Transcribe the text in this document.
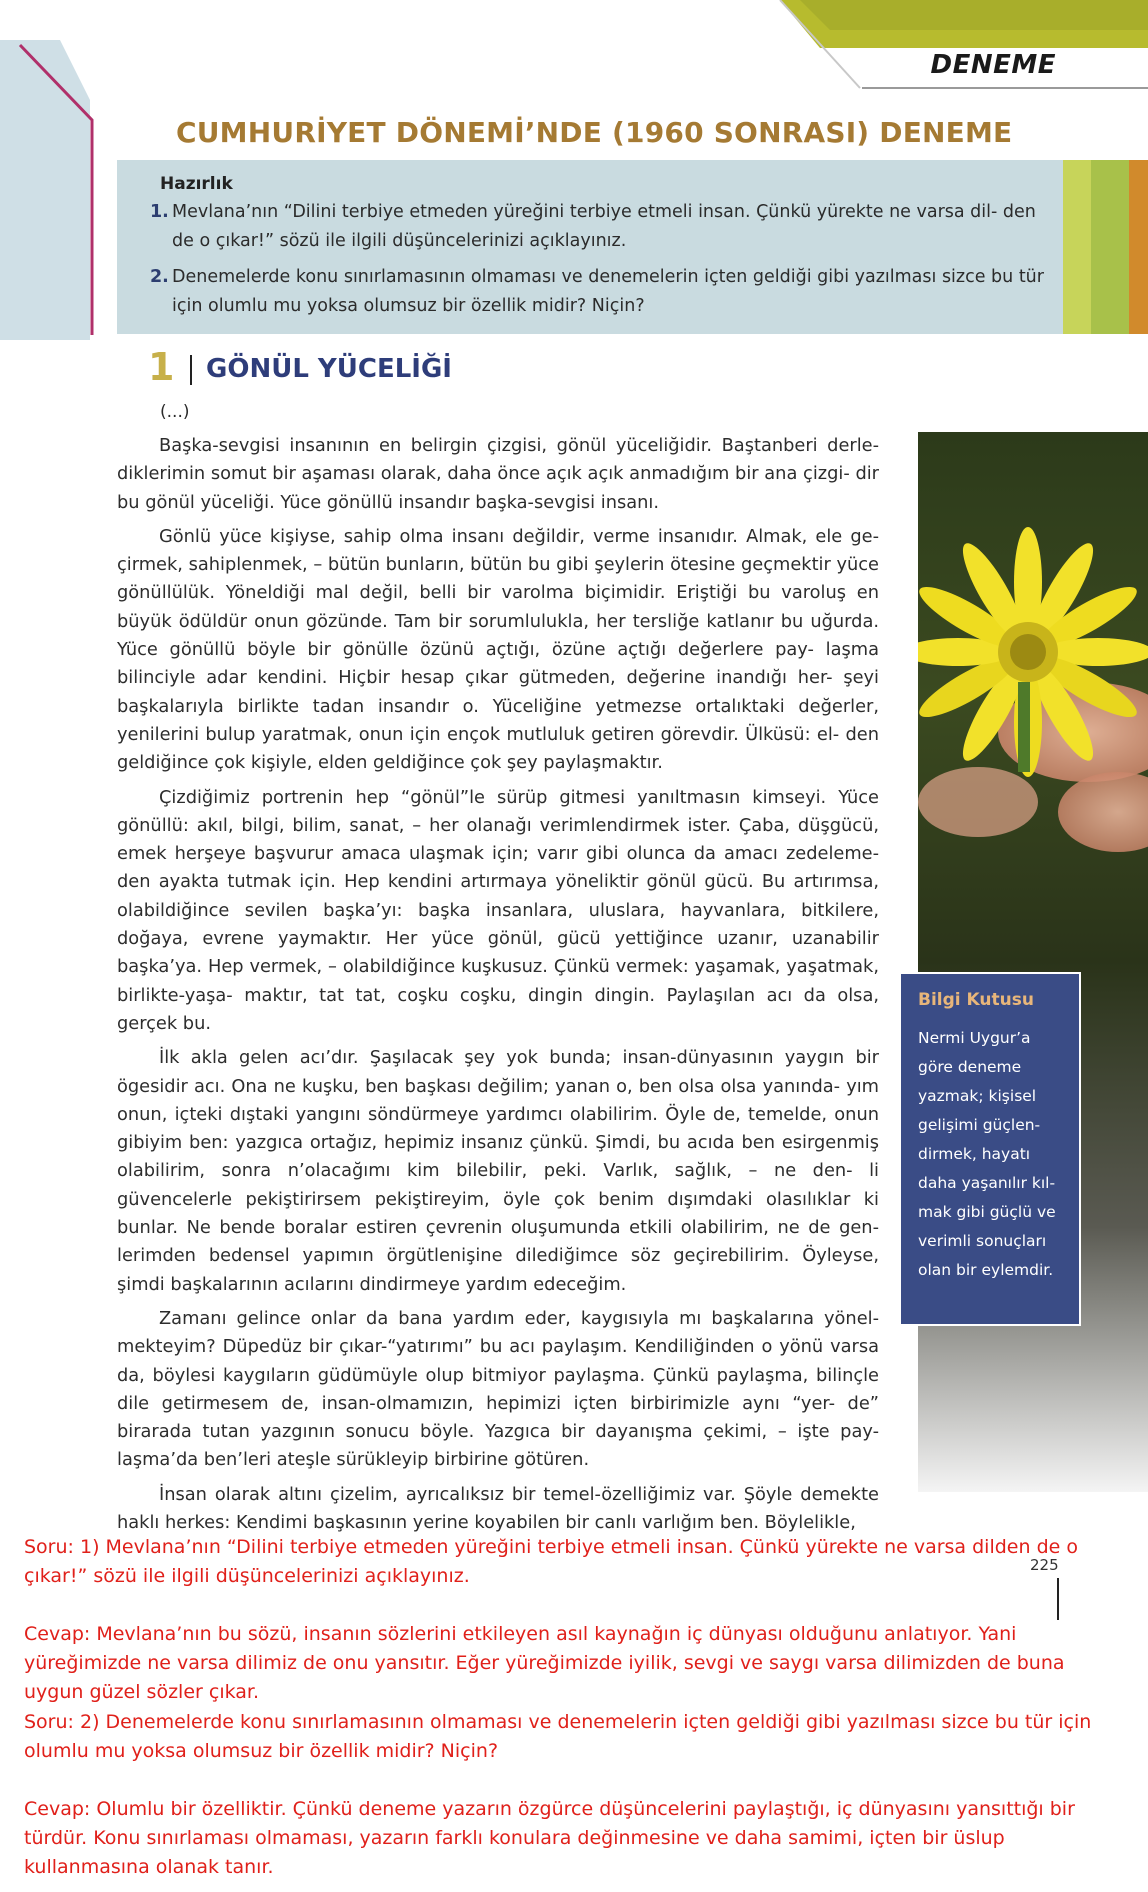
DENEME
CUMHURİYET DÖNEMİ’NDE (1960 SONRASI) DENEME
Hazırlık
1. Mevlana’nın “Dilini terbiye etmeden yüreğini terbiye etmeli insan. Çünkü yürekte ne varsa dil- den de o çıkar!” sözü ile ilgili düşüncelerinizi açıklayınız.
2. Denemelerde konu sınırlamasının olmaması ve denemelerin içten geldiği gibi yazılması sizce bu tür için olumlu mu yoksa olumsuz bir özellik midir? Niçin?
1 GÖNÜL YÜCELİĞİ
(...)

Başka-sevgisi insanının en belirgin çizgisi, gönül yüceliğidir. Baştanberi derle- diklerimin somut bir aşaması olarak, daha önce açık açık anmadığım bir ana çizgi- dir bu gönül yüceliği. Yüce gönüllü insandır başka-sevgisi insanı.

Gönlü yüce kişiyse, sahip olma insanı değildir, verme insanıdır. Almak, ele ge- çirmek, sahiplenmek, – bütün bunların, bütün bu gibi şeylerin ötesine geçmektir yüce gönüllülük. Yöneldiği mal değil, belli bir varolma biçimidir. Eriştiği bu varoluş en büyük ödüldür onun gözünde. Tam bir sorumlulukla, her tersliğe katlanır bu uğurda. Yüce gönüllü böyle bir gönülle özünü açtığı, özüne açtığı değerlere pay- laşma bilinciyle adar kendini. Hiçbir hesap çıkar gütmeden, değerine inandığı her- şeyi başkalarıyla birlikte tadan insandır o. Yüceliğine yetmezse ortalıktaki değerler, yenilerini bulup yaratmak, onun için ençok mutluluk getiren görevdir. Ülküsü: el- den geldiğince çok kişiyle, elden geldiğince çok şey paylaşmaktır.

Çizdiğimiz portrenin hep “gönül”le sürüp gitmesi yanıltmasın kimseyi. Yüce gönüllü: akıl, bilgi, bilim, sanat, – her olanağı verimlendirmek ister. Çaba, düşgücü, emek herşeye başvurur amaca ulaşmak için; varır gibi olunca da amacı zedeleme- den ayakta tutmak için. Hep kendini artırmaya yöneliktir gönül gücü. Bu artırımsa, olabildiğince sevilen başka’yı: başka insanlara, uluslara, hayvanlara, bitkilere, doğaya, evrene yaymaktır. Her yüce gönül, gücü yettiğince uzanır, uzanabilir başka’ya. Hep vermek, – olabildiğince kuşkusuz. Çünkü vermek: yaşamak, yaşatmak, birlikte-yaşa- maktır, tat tat, coşku coşku, dingin dingin. Paylaşılan acı da olsa, gerçek bu.

İlk akla gelen acı’dır. Şaşılacak şey yok bunda; insan-dünyasının yaygın bir ögesidir acı. Ona ne kuşku, ben başkası değilim; yanan o, ben olsa olsa yanında- yım onun, içteki dıştaki yangını söndürmeye yardımcı olabilirim. Öyle de, temelde, onun gibiyim ben: yazgıca ortağız, hepimiz insanız çünkü. Şimdi, bu acıda ben esirgenmiş olabilirim, sonra n’olacağımı kim bilebilir, peki. Varlık, sağlık, – ne den- li güvencelerle pekiştirirsem pekiştireyim, öyle çok benim dışımdaki olasılıklar ki bunlar. Ne bende boralar estiren çevrenin oluşumunda etkili olabilirim, ne de gen- lerimden bedensel yapımın örgütlenişine dilediğimce söz geçirebilirim. Öyleyse, şimdi başkalarının acılarını dindirmeye yardım edeceğim.

Zamanı gelince onlar da bana yardım eder, kaygısıyla mı başkalarına yönel- mekteyim? Düpedüz bir çıkar-“yatırımı” bu acı paylaşım. Kendiliğinden o yönü varsa da, böylesi kaygıların güdümüyle olup bitmiyor paylaşma. Çünkü paylaşma, bilinçle dile getirmesem de, insan-olmamızın, hepimizi içten birbirimizle aynı “yer- de” birarada tutan yazgının sonucu böyle. Yazgıca bir dayanışma çekimi, – işte pay- laşma’da ben’leri ateşle sürükleyip birbirine götüren.

İnsan olarak altını çizelim, ayrıcalıksız bir temel-özelliğimiz var. Şöyle demekte haklı herkes: Kendimi başkasının yerine koyabilen bir canlı varlığım ben. Böylelikle,

Bilgi Kutusu
Nermi Uygur’a göre deneme yazmak; kişisel gelişimi güçlen- dirmek, hayatı daha yaşanılır kıl- mak gibi güçlü ve verimli sonuçları olan bir eylemdir.
225
Soru: 1) Mevlana’nın “Dilini terbiye etmeden yüreğini terbiye etmeli insan. Çünkü yürekte ne varsa dilden de o çıkar!” sözü ile ilgili düşüncelerinizi açıklayınız.
Cevap: Mevlana’nın bu sözü, insanın sözlerini etkileyen asıl kaynağın iç dünyası olduğunu anlatıyor. Yani yüreğimizde ne varsa dilimiz de onu yansıtır. Eğer yüreğimizde iyilik, sevgi ve saygı varsa dilimizden de buna uygun güzel sözler çıkar.
Soru: 2) Denemelerde konu sınırlamasının olmaması ve denemelerin içten geldiği gibi yazılması sizce bu tür için olumlu mu yoksa olumsuz bir özellik midir? Niçin?
Cevap: Olumlu bir özelliktir. Çünkü deneme yazarın özgürce düşüncelerini paylaştığı, iç dünyasını yansıttığı bir türdür. Konu sınırlaması olmaması, yazarın farklı konulara değinmesine ve daha samimi, içten bir üslup kullanmasına olanak tanır.
